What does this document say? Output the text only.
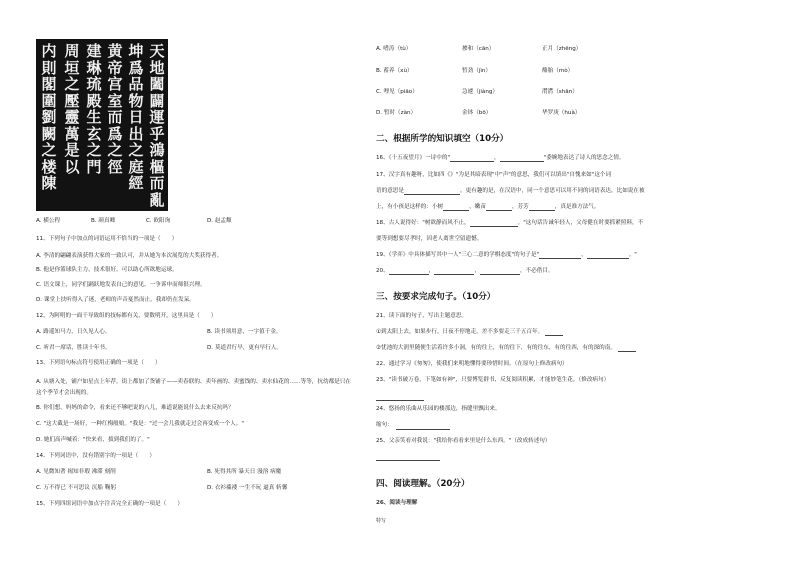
天
地
闔
闢
運
乎
鴻
樞
而
亂
坤
爲
品
物
日
出
之
庭
經
黄
帝
宫
室
而
爲
之
徑
建
琳
琉
殿
生
玄
之
門
周
垣
之
壓
靈
萬
是
以
内
則
閣
圍
劉
闕
之
楼
陳
A. 横公程	B. 颜真卿	C. 欧阳询	D. 赵孟頫
11、下列句子中加点的词语运用不恰当的一项是（　　）
A. 李清的翩翩表演获得大家的一致认可，并从她为本次展览的大奖获得者。
B. 他是你篮球队主力，技术很好，可以助心所欲地运球。
C. 语文课上，同学们踊跃地发表自己的意见，一争诉申而师很兴理。
D. 课堂上扶听得入了迷，老师的声音戛然而止，我却仍在发呆。
12、为阿明的一面干导致组的技标都有关，要数明开，这里具是（　　）
A. 路遥知马力，日久见人心。	B. 读书须用意，一字值千金。
C. 听君一席话，胜读十年书。	D. 莫道君行早，更有早行人。
13、下列语句标点符号使用正确的一项是（　　）
A. 从塘入处，铺户如星点上年荐。街上都加了货铺子——卖春联的、卖年画的、卖蜜饯的、卖水仙花的……等等，抗幼都是只在这个季节才会出现的。
B. 你们想，妈妈的命令，看来还不够吧说的八儿，难道说能说什么去来反抗吗？
C. "这大截是一场好，一种红梅般娘。"我是："过一会儿我就走过会再变成一个人。"
D. 她们高声喊着："快来看，拔到我们的了。"
14、下列词语中，没有错别字的一项是（　　）
A. 见微知著 揭知非瑕 沸滞 刻削	B. 死得其所 暴天日 漫溶 病魔
C. 万不得已 不可思议 沉船 鞠躬	D. 衣衫褴褛 一生不玩 逼真 斩馨
15、下列四组词语中加点字注音完全正确的一项是（　　）
A. 嗜涛（tù）	掺和（cān）	正月（zhēng）
B. 蓄养（xù）	暂劲（jìn）	酪胎（mò）
C. 哩见（piāo）	急遽（jiàng）	潸潸（shān）
D. 暂时（zàn）	金钵（bō）	华罗庚（huà）
二、根据所学的知识填空（10分）
16、《十五夜望月》一诗中的"	，	"委婉地表达了诗人的思念之情。
17、汉字真有趣呀，比如四《》"为是其暗表现"中"声"的意思，我们可以填出"自愧来如"这个词
语的意思是	。更有趣的是，在汉语中，同一个意思可以用不同的词语表达，比如说在被
上，有小孩是这样的：小树	，嫩苗	，芳芳	，真是准方法气。
18、古人说得好："树欲静而风不止，	。"这句话告诫年轻人，父母健在时要抓紧照料，不
要等到想要尽孝时，因老人离世空留遗憾。
19、《学弈》中具体描写其中一人"三心二意的学棋态度"的句子是"	，	。"
20、	，	，	，不必借目。
三、按要求完成句子。（10分）
21、读下面的句子，写出主题意思。
①到太阳上去，如果步行，日夜不停地走，差不多要走三千五百年。
②忧池的大润里随便生活着许多小洞，有的往上，有的往下，有的往东，有的往西，有的深的南。
22、通过学习《匆匆》，使我们来明地懂得要珍惜时间。（在原句上修改病句）
23、"读书破万卷，下笔如有神"，只要博览群书，反复阅读积累，才能妙笔生花。（修改病句）
24、悠扬的乐曲从乐园的楼那边，指缝里飘出来。
缩句：
25、父亲笑看对我说："我给你看看来里是什么东西。"（改成转述句）
四、阅读理解。（20分）
26、阅读与理解
特写
